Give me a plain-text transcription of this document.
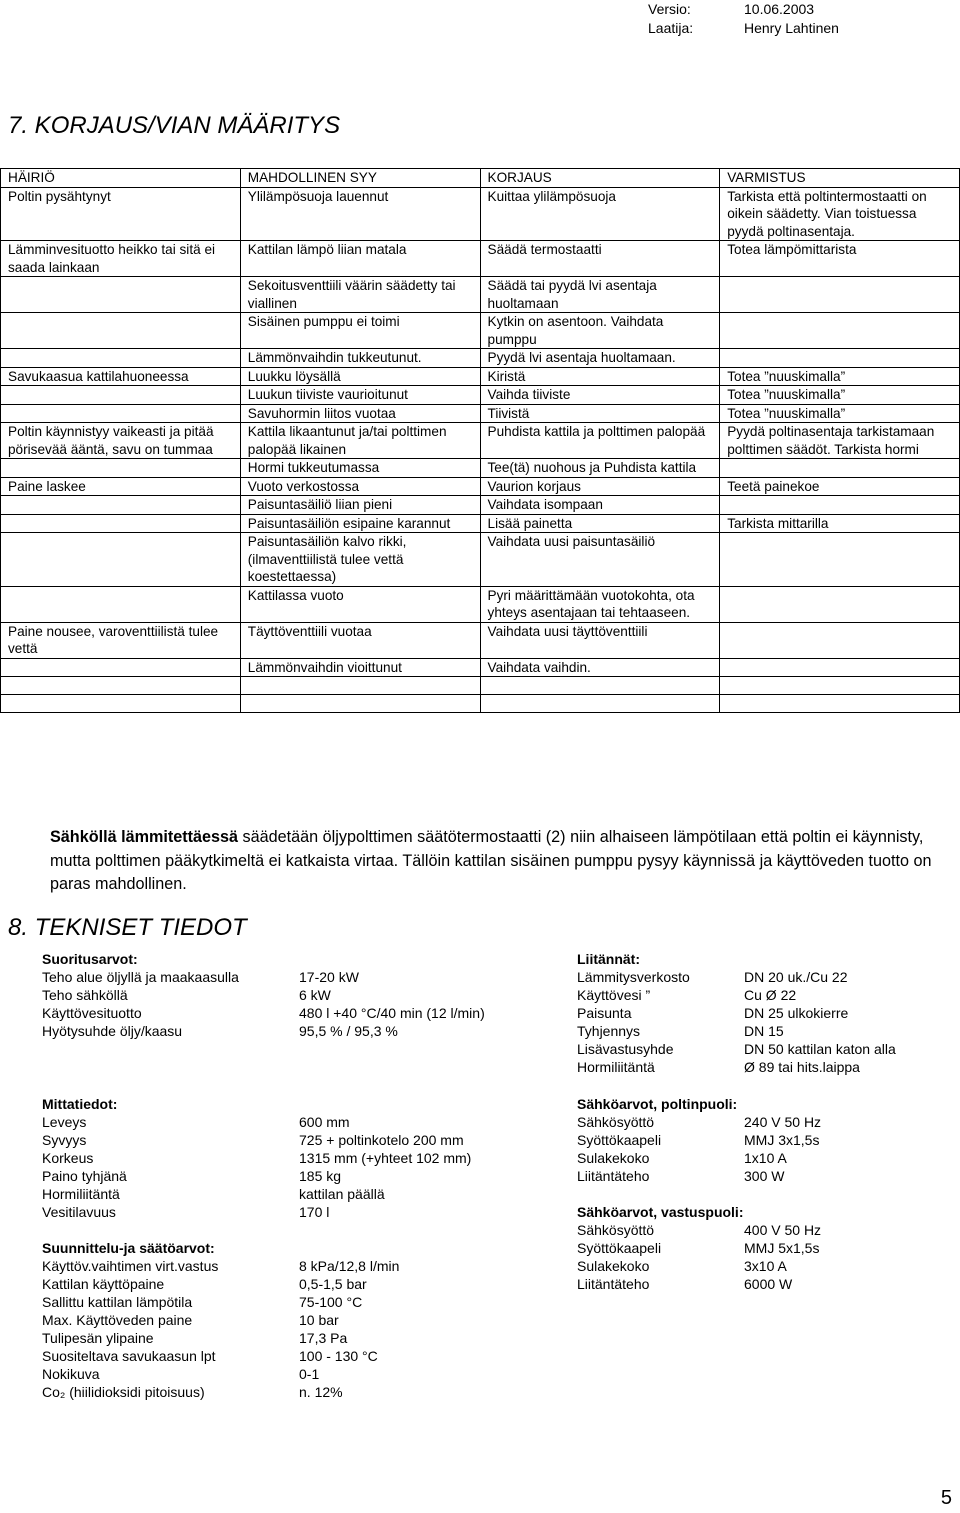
Versio:	10.06.2003
Laatija:	Henry Lahtinen
7. KORJAUS/VIAN MÄÄRITYS
HÄIRIÖ	MAHDOLLINEN SYY	KORJAUS	VARMISTUS
Poltin pysähtynyt	Ylilämpösuoja lauennut	Kuittaa ylilämpösuoja	Tarkista että poltintermostaatti on oikein säädetty. Vian toistuessa pyydä poltinasentaja.
Lämminvesituotto heikko tai sitä ei saada lainkaan	Kattilan lämpö liian matala	Säädä termostaatti	Totea lämpömittarista
	Sekoitusventtiili väärin säädetty tai viallinen	Säädä tai pyydä lvi asentaja huoltamaan	
	Sisäinen pumppu ei toimi	Kytkin on asentoon. Vaihdata pumppu	
	Lämmönvaihdin tukkeutunut.	Pyydä lvi asentaja huoltamaan.	
Savukaasua kattilahuoneessa	Luukku löysällä	Kiristä	Totea ”nuuskimalla”
	Luukun tiiviste vaurioitunut	Vaihda tiiviste	Totea ”nuuskimalla”
	Savuhormin liitos vuotaa	Tiivistä	Totea ”nuuskimalla”
Poltin käynnistyy vaikeasti ja pitää pörisevää ääntä, savu on tummaa	Kattila likaantunut ja/tai polttimen palopää likainen	Puhdista kattila ja polttimen palopää	Pyydä poltinasentaja tarkistamaan polttimen säädöt. Tarkista hormi
	Hormi tukkeutumassa	Tee(tä) nuohous ja Puhdista kattila	
Paine laskee	Vuoto verkostossa	Vaurion korjaus	Teetä painekoe
	Paisuntasäiliö liian pieni	Vaihdata isompaan	
	Paisuntasäiliön esipaine karannut	Lisää painetta	Tarkista mittarilla
	Paisuntasäiliön kalvo rikki, (ilmaventtiilistä tulee vettä koestettaessa)	Vaihdata uusi paisuntasäiliö	
	Kattilassa vuoto	Pyri määrittämään vuotokohta, ota yhteys asentajaan tai tehtaaseen.	
Paine nousee, varoventtiilistä tulee vettä	Täyttöventtiili vuotaa	Vaihdata uusi täyttöventtiili	
	Lämmönvaihdin vioittunut	Vaihdata vaihdin.	

Sähköllä lämmitettäessä säädetään öljypolttimen säätötermostaatti (2) niin alhaiseen lämpötilaan että poltin ei käynnisty, mutta polttimen pääkytkimeltä ei katkaista virtaa. Tällöin kattilan sisäinen pumppu pysyy käynnissä ja käyttöveden tuotto on paras mahdollinen.
8. TEKNISET TIEDOT
Suoritusarvot:
Teho alue öljyllä ja maakaasulla	17-20 kW
Teho sähköllä	6 kW
Käyttövesituotto	480 l +40 °C/40 min (12 l/min)
Hyötysuhde öljy/kaasu	95,5 % / 95,3 %
Liitännät:
Lämmitysverkosto	DN 20 uk./Cu 22
Käyttövesi ”	Cu Ø 22
Paisunta	DN 25 ulkokierre
Tyhjennys	DN 15
Lisävastusyhde	DN 50 kattilan katon alla
Hormiliitäntä	Ø 89 tai hits.laippa
Mittatiedot:
Leveys	600 mm
Syvyys	725 + poltinkotelo 200 mm
Korkeus	1315 mm (+yhteet 102 mm)
Paino tyhjänä	185 kg
Hormiliitäntä	kattilan päällä
Vesitilavuus	170 l
Suunnittelu-ja säätöarvot:
Käyttöv.vaihtimen virt.vastus	8 kPa/12,8 l/min
Kattilan käyttöpaine	0,5-1,5 bar
Sallittu kattilan lämpötila	75-100 °C
Max. Käyttöveden paine	10 bar
Tulipesän ylipaine	17,3 Pa
Suositeltava savukaasun lpt	100 - 130 °C
Nokikuva	0-1
Co₂ (hiilidioksidi pitoisuus)	n. 12%
Sähköarvot, poltinpuoli:
Sähkösyöttö	240 V 50 Hz
Syöttökaapeli	MMJ 3x1,5s
Sulakekoko	1x10 A
Liitäntäteho	300 W
Sähköarvot, vastuspuoli:
Sähkösyöttö	400 V 50 Hz
Syöttökaapeli	MMJ 5x1,5s
Sulakekoko	3x10 A
Liitäntäteho	6000 W
5
